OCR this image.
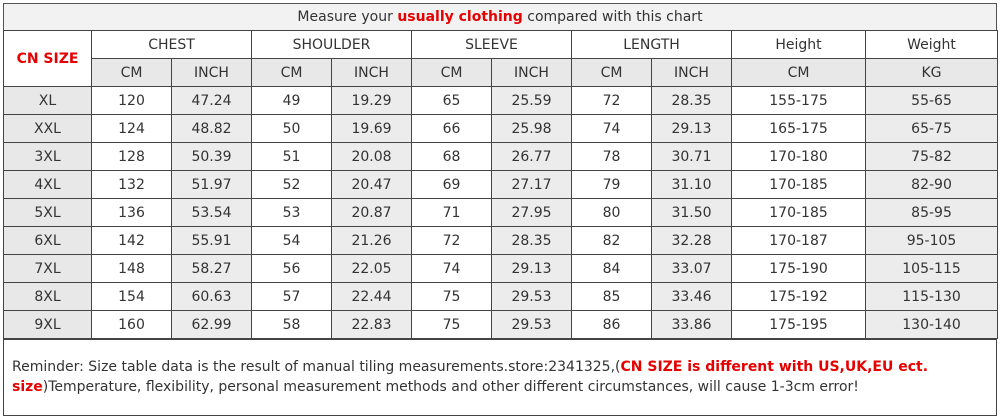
Measure your usually clothing compared with this chart
CN SIZE	CHEST		SHOULDER		SLEEVE		LENGTH		Height	Weight
	CM	INCH	CM	INCH	CM	INCH	CM	INCH	CM	KG
XL	120	47.24	49	19.29	65	25.59	72	28.35	155-175	55-65
XXL	124	48.82	50	19.69	66	25.98	74	29.13	165-175	65-75
3XL	128	50.39	51	20.08	68	26.77	78	30.71	170-180	75-82
4XL	132	51.97	52	20.47	69	27.17	79	31.10	170-185	82-90
5XL	136	53.54	53	20.87	71	27.95	80	31.50	170-185	85-95
6XL	142	55.91	54	21.26	72	28.35	82	32.28	170-187	95-105
7XL	148	58.27	56	22.05	74	29.13	84	33.07	175-190	105-115
8XL	154	60.63	57	22.44	75	29.53	85	33.46	175-192	115-130
9XL	160	62.99	58	22.83	75	29.53	86	33.86	175-195	130-140
Reminder: Size table data is the result of manual tiling measurements.store:2341325,(CN SIZE is different with US,UK,EU ect. size)Temperature, flexibility, personal measurement methods and other different circumstances, will cause 1-3cm error!
